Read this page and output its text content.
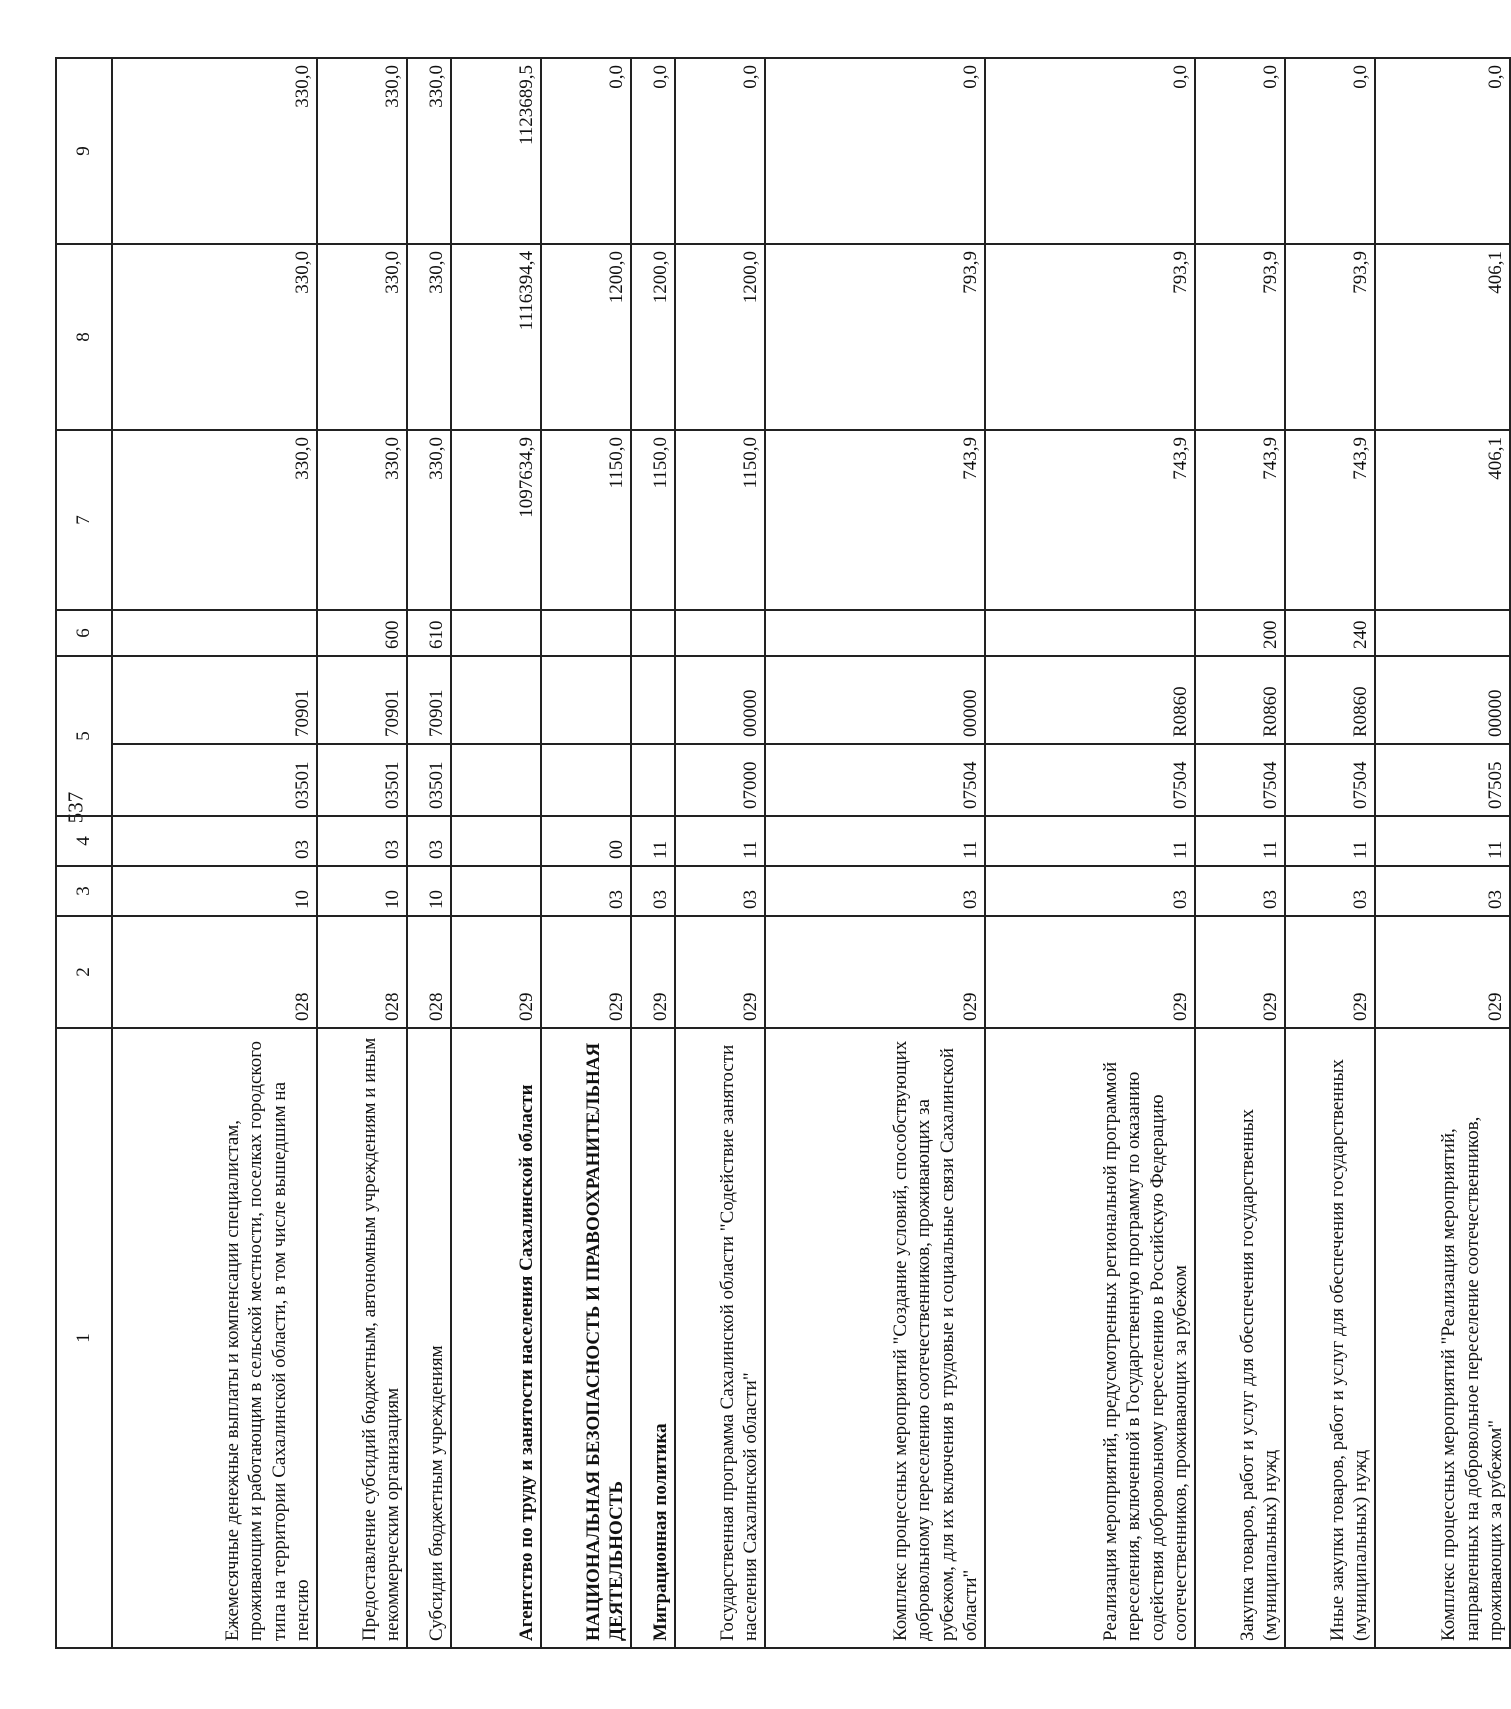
537
1	2	3	4	5		6	7	8	9
Ежемесячные денежные выплаты и компенсации специалистам, проживающим и работающим в сельской местности, поселках городского типа на территории Сахалинской области, в том числе вышедшим на пенсию	028	10	03	03501	70901		330,0	330,0	330,0
Предоставление субсидий бюджетным, автономным учреждениям и иным некоммерческим организациям	028	10	03	03501	70901	600	330,0	330,0	330,0
Субсидии бюджетным учреждениям	028	10	03	03501	70901	610	330,0	330,0	330,0
Агентство по труду и занятости населения Сахалинской области	029						1097634,9	1116394,4	1123689,5
НАЦИОНАЛЬНАЯ БЕЗОПАСНОСТЬ И ПРАВООХРАНИТЕЛЬНАЯ ДЕЯТЕЛЬНОСТЬ	029	03	00				1150,0	1200,0	0,0
Миграционная политика	029	03	11				1150,0	1200,0	0,0
Государственная программа Сахалинской области "Содействие занятости населения Сахалинской области"	029	03	11	07000	00000		1150,0	1200,0	0,0
Комплекс процессных мероприятий "Создание условий, способствующих добровольному переселению соотечественников, проживающих за рубежом, для их включения в трудовые и социальные связи Сахалинской области"	029	03	11	07504	00000		743,9	793,9	0,0
Реализация мероприятий, предусмотренных региональной программой переселения, включенной в Государственную программу по оказанию содействия добровольному переселению в Российскую Федерацию соотечественников, проживающих за рубежом	029	03	11	07504	R0860		743,9	793,9	0,0
Закупка товаров, работ и услуг для обеспечения государственных (муниципальных) нужд	029	03	11	07504	R0860	200	743,9	793,9	0,0
Иные закупки товаров, работ и услуг для обеспечения государственных (муниципальных) нужд	029	03	11	07504	R0860	240	743,9	793,9	0,0
Комплекс процессных мероприятий "Реализация мероприятий, направленных на добровольное переселение соотечественников, проживающих за рубежом"	029	03	11	07505	00000		406,1	406,1	0,0
